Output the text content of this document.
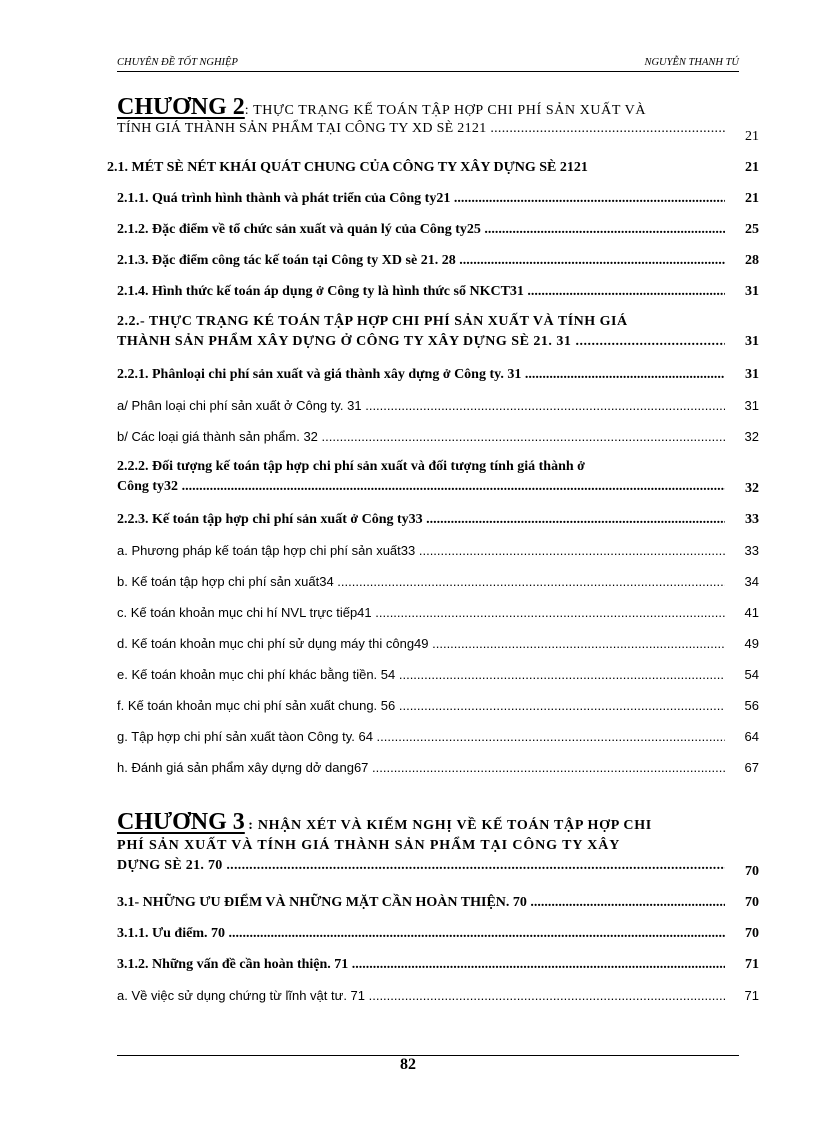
CHUYÊN ĐỀ TỐT NGHIỆP	NGUYỄN THANH TÚ
CHƯƠNG 2: THỰC TRẠNG KẾ TOÁN TẬP HỢP CHI PHÍ SẢN XUẤT VÀ
TÍNH GIÁ THÀNH SẢN PHẨM TẠI CÔNG TY XD SÈ 2121 .....
21
2.1. MÉT SÈ NÉT KHÁI QUÁT CHUNG CỦA CÔNG TY XÂY DỰNG SÈ 2121	21
2.1.1. Quá trình hình thành và phát triển của Công ty21 .....	21
2.1.2. Đặc điểm về tổ chức sản xuất và quản lý của Công ty25 .....	25
2.1.3. Đặc điểm công tác kế toán tại Công ty XD sè 21. 28 .....	28
2.1.4. Hình thức kế toán áp dụng ở Công ty là hình thức sổ NKCT31 .....	31
2.2.- THỰC TRẠNG KÉ TOÁN TẬP HỢP CHI PHÍ SẢN XUẤT VÀ TÍNH GIÁ
THÀNH SẢN PHẨM XÂY DỰNG Ở CÔNG TY XÂY DỰNG SÈ 21. 31 .....	31
2.2.1. Phânloại chi phí sản xuất và giá thành xây dựng ở Công ty. 31 .....	31
a/ Phân loại chi phí sản xuất ở Công ty. 31 .....	31
b/ Các loại giá thành sản phẩm. 32 .....	32
2.2.2. Đối tượng kế toán tập hợp chi phí sản xuất và đối tượng tính giá thành ở
Công ty32 .....	32
2.2.3. Kế toán tập hợp chi phí sản xuất ở Công ty33 .....	33
a. Phương pháp kế toán tập hợp chi phí sản xuất33 .....	33
b. Kế toán tập hợp chi phí sản xuất34 .....	34
c. Kế toán khoản mục chi hí NVL trực tiếp41 .....	41
d. Kế toán khoản mục chi phí sử dụng máy thi công49 .....	49
e. Kế toán khoản mục chi phí khác bằng tiền. 54 .....	54
f. Kế toán khoản mục chi phí sản xuất chung. 56 .....	56
g. Tập hợp chi phí sản xuất tàon Công ty. 64 .....	64
h. Đánh giá sản phẩm xây dựng dở dang67 .....	67
CHƯƠNG 3 : NHẬN XÉT VÀ KIẾM NGHỊ VỀ KẾ TOÁN TẬP HỢP CHI
PHÍ SẢN XUẤT VÀ TÍNH GIÁ THÀNH SẢN PHẨM TẠI CÔNG TY XÂY
DỰNG SÈ 21. 70 .....	70
3.1- NHỮNG ƯU ĐIỂM VÀ NHỮNG MẶT CẦN HOÀN THIỆN. 70 .....	70
3.1.1. Ưu điểm. 70 .....	70
3.1.2. Những vấn đề cần hoàn thiện. 71 .....	71
a. Về việc sử dụng chứng từ lĩnh vật tư. 71 .....	71
82
